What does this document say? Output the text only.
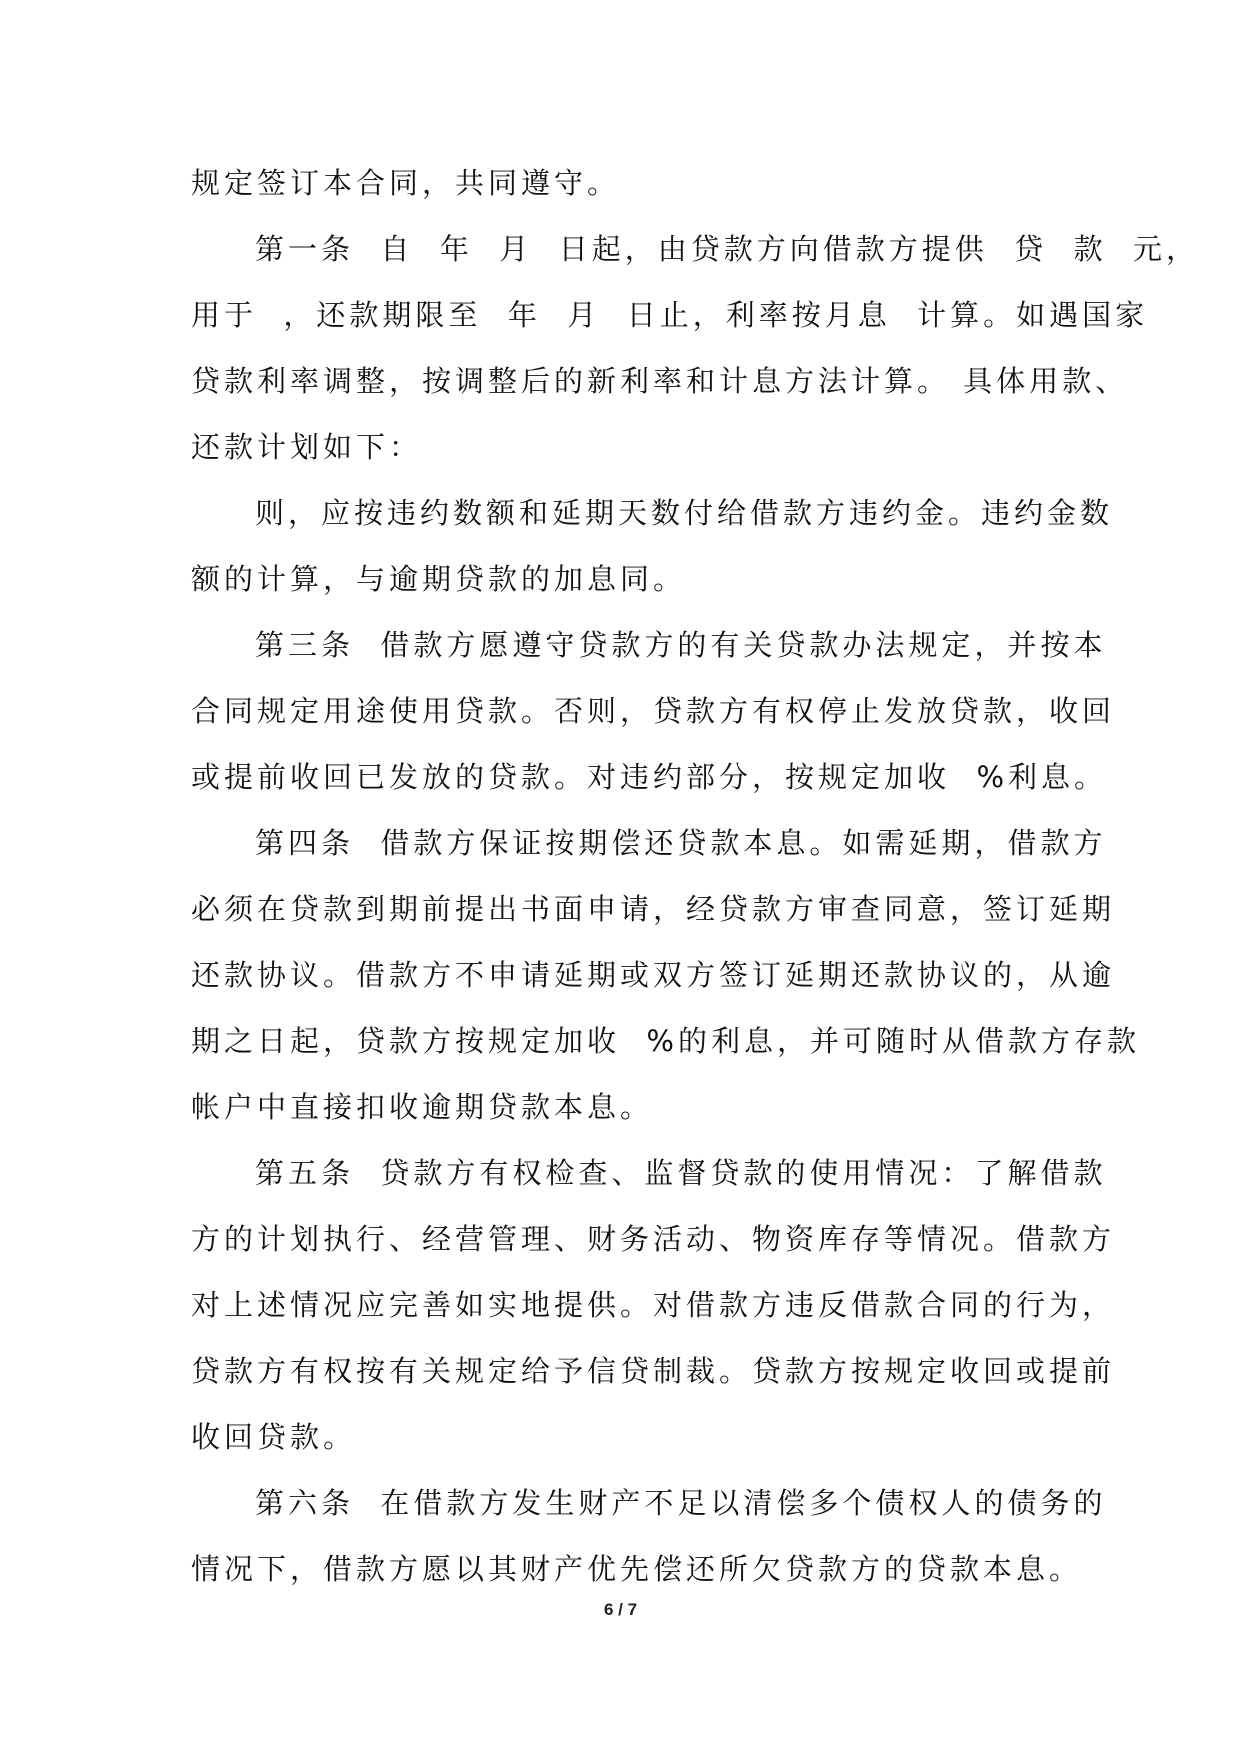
规定签订本合同，共同遵守。
第一条  自  年  月  日起，由贷款方向借款方提供  贷  款  元，
用于  ，还款期限至  年  月  日止，利率按月息  计算。如遇国家
贷款利率调整，按调整后的新利率和计息方法计算。 具体用款、
还款计划如下：
则，应按违约数额和延期天数付给借款方违约金。违约金数
额的计算，与逾期贷款的加息同。
第三条  借款方愿遵守贷款方的有关贷款办法规定，并按本
合同规定用途使用贷款。否则，贷款方有权停止发放贷款，收回
或提前收回已发放的贷款。对违约部分，按规定加收  %利息。
第四条  借款方保证按期偿还贷款本息。如需延期，借款方
必须在贷款到期前提出书面申请，经贷款方审查同意，签订延期
还款协议。借款方不申请延期或双方签订延期还款协议的，从逾
期之日起，贷款方按规定加收  %的利息，并可随时从借款方存款
帐户中直接扣收逾期贷款本息。
第五条  贷款方有权检查、监督贷款的使用情况：了解借款
方的计划执行、经营管理、财务活动、物资库存等情况。借款方
对上述情况应完善如实地提供。对借款方违反借款合同的行为，
贷款方有权按有关规定给予信贷制裁。贷款方按规定收回或提前
收回贷款。
第六条  在借款方发生财产不足以清偿多个债权人的债务的
情况下，借款方愿以其财产优先偿还所欠贷款方的贷款本息。
6 / 7
